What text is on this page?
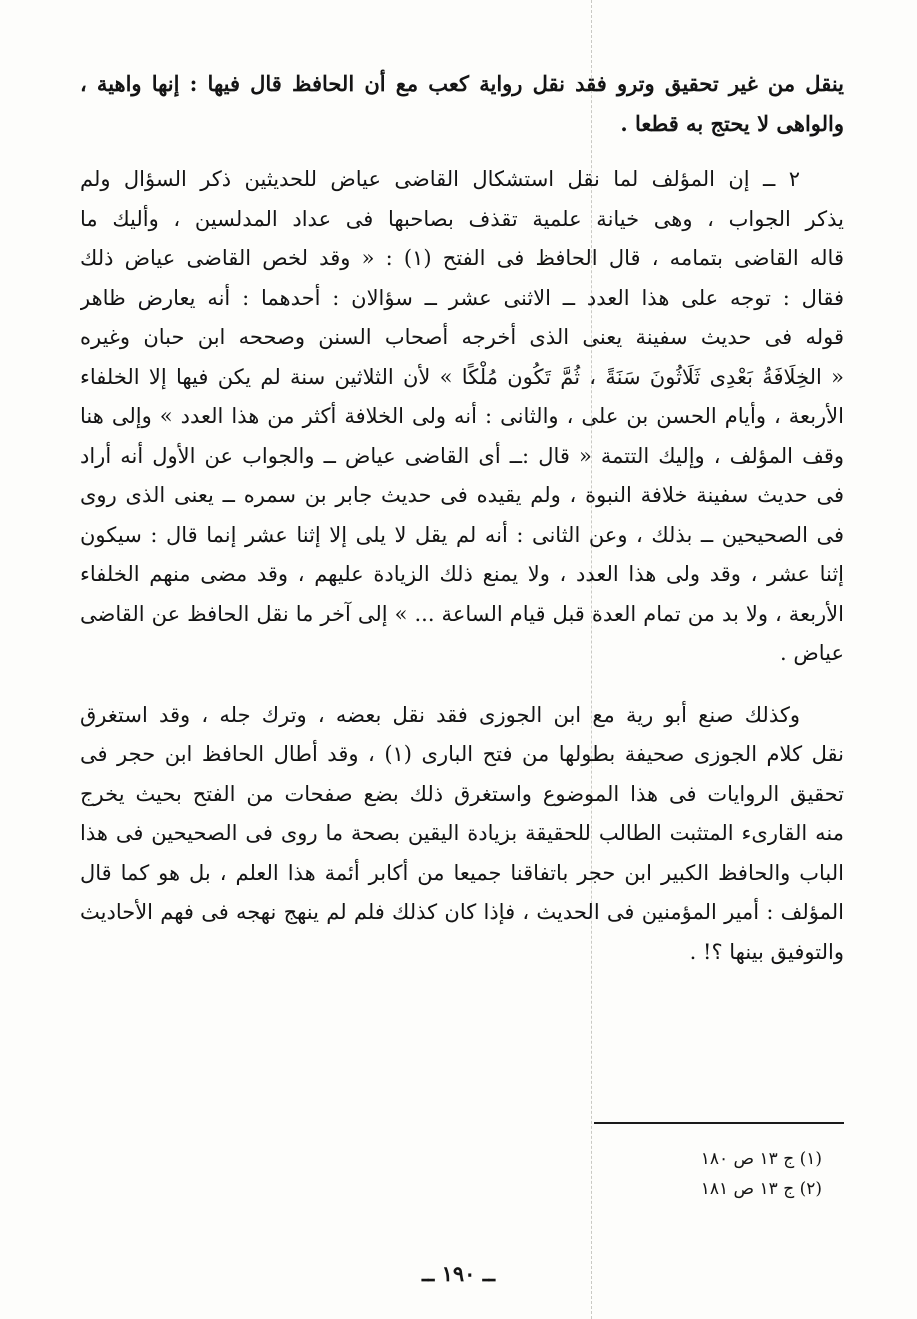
ينقل من غير تحقيق وترو فقد نقل رواية كعب مع أن الحافظ قال فيها : إنها واهية ،
والواهى لا يحتج به قطعا .
٢ ــ إن المؤلف لما نقل استشكال القاضى عياض للحديثين ذكر السؤال ولم
يذكر الجواب ، وهى خيانة علمية تقذف بصاحبها فى عداد المدلسين ، وأليك ما
قاله القاضى بتمامه ، قال الحافظ فى الفتح (١) : « وقد لخص القاضى عياض ذلك
فقال : توجه على هذا العدد ــ الاثنى عشر ــ سؤالان : أحدهما : أنه يعارض ظاهر
قوله فى حديث سفينة يعنى الذى أخرجه أصحاب السنن وصححه ابن حبان وغيره
« الخِلَافَةُ بَعْدِى ثَلَاثُونَ سَنَةً ، ثُمَّ تَكُون مُلْكًا » لأن الثلاثين سنة لم يكن فيها إلا الخلفاء
الأربعة ، وأيام الحسن بن على ، والثانى : أنه ولى الخلافة أكثر من هذا العدد » وإلى هنا
وقف المؤلف ، وإليك التتمة « قال :ــ أى القاضى عياض ــ والجواب عن الأول أنه أراد
فى حديث سفينة خلافة النبوة ، ولم يقيده فى حديث جابر بن سمره ــ يعنى الذى روى
فى الصحيحين ــ بذلك ، وعن الثانى : أنه لم يقل لا يلى إلا إثنا عشر إنما قال : سيكون
إثنا عشر ، وقد ولى هذا العدد ، ولا يمنع ذلك الزيادة عليهم ، وقد مضى منهم الخلفاء
الأربعة ، ولا بد من تمام العدة قبل قيام الساعة ... » إلى آخر ما نقل الحافظ عن القاضى
عياض .
وكذلك صنع أبو رية مع ابن الجوزى فقد نقل بعضه ، وترك جله ، وقد استغرق
نقل كلام الجوزى صحيفة بطولها من فتح البارى (١) ، وقد أطال الحافظ ابن حجر فى
تحقيق الروايات فى هذا الموضوع واستغرق ذلك بضع صفحات من الفتح بحيث يخرج
منه القارىء المتثبت الطالب للحقيقة بزيادة اليقين بصحة ما روى فى الصحيحين فى هذا
الباب والحافظ الكبير ابن حجر باتفاقنا جميعا من أكابر أئمة هذا العلم ، بل هو كما قال
المؤلف : أمير المؤمنين فى الحديث ، فإذا كان كذلك فلم لم ينهج نهجه فى فهم الأحاديث
والتوفيق بينها ؟! .
(١) ج ١٣ ص ١٨٠
(٢) ج ١٣ ص ١٨١
ــ ١٩٠ ــ
